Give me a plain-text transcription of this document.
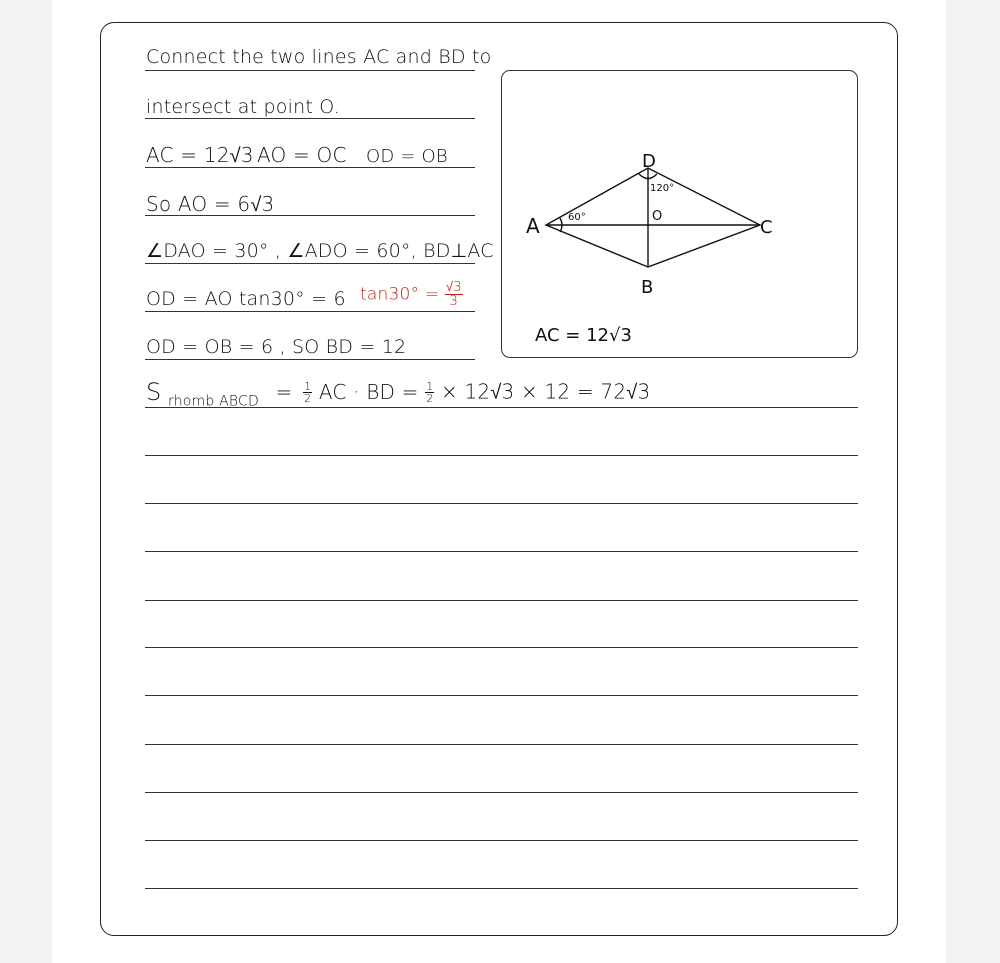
Connect the two lines AC and BD to
intersect at point O.
AC = 12√3 AO = OC OD = OB
So AO = 6√3
∠DAO = 30° , ∠ADO = 60°, BD⊥AC
OD = AO tan30° = 6 $\tan 30^\circ = \frac{√3}{3}$
OD = OB = 6 , SO BD = 12
S $_{rhomb ABCD} = \frac{1}{2}$ AC · BD = $\frac{1}{2} \times 12√3 \times 12 = 72√3$
A
D
C
B
O
60°
120°
AC = 12√3
